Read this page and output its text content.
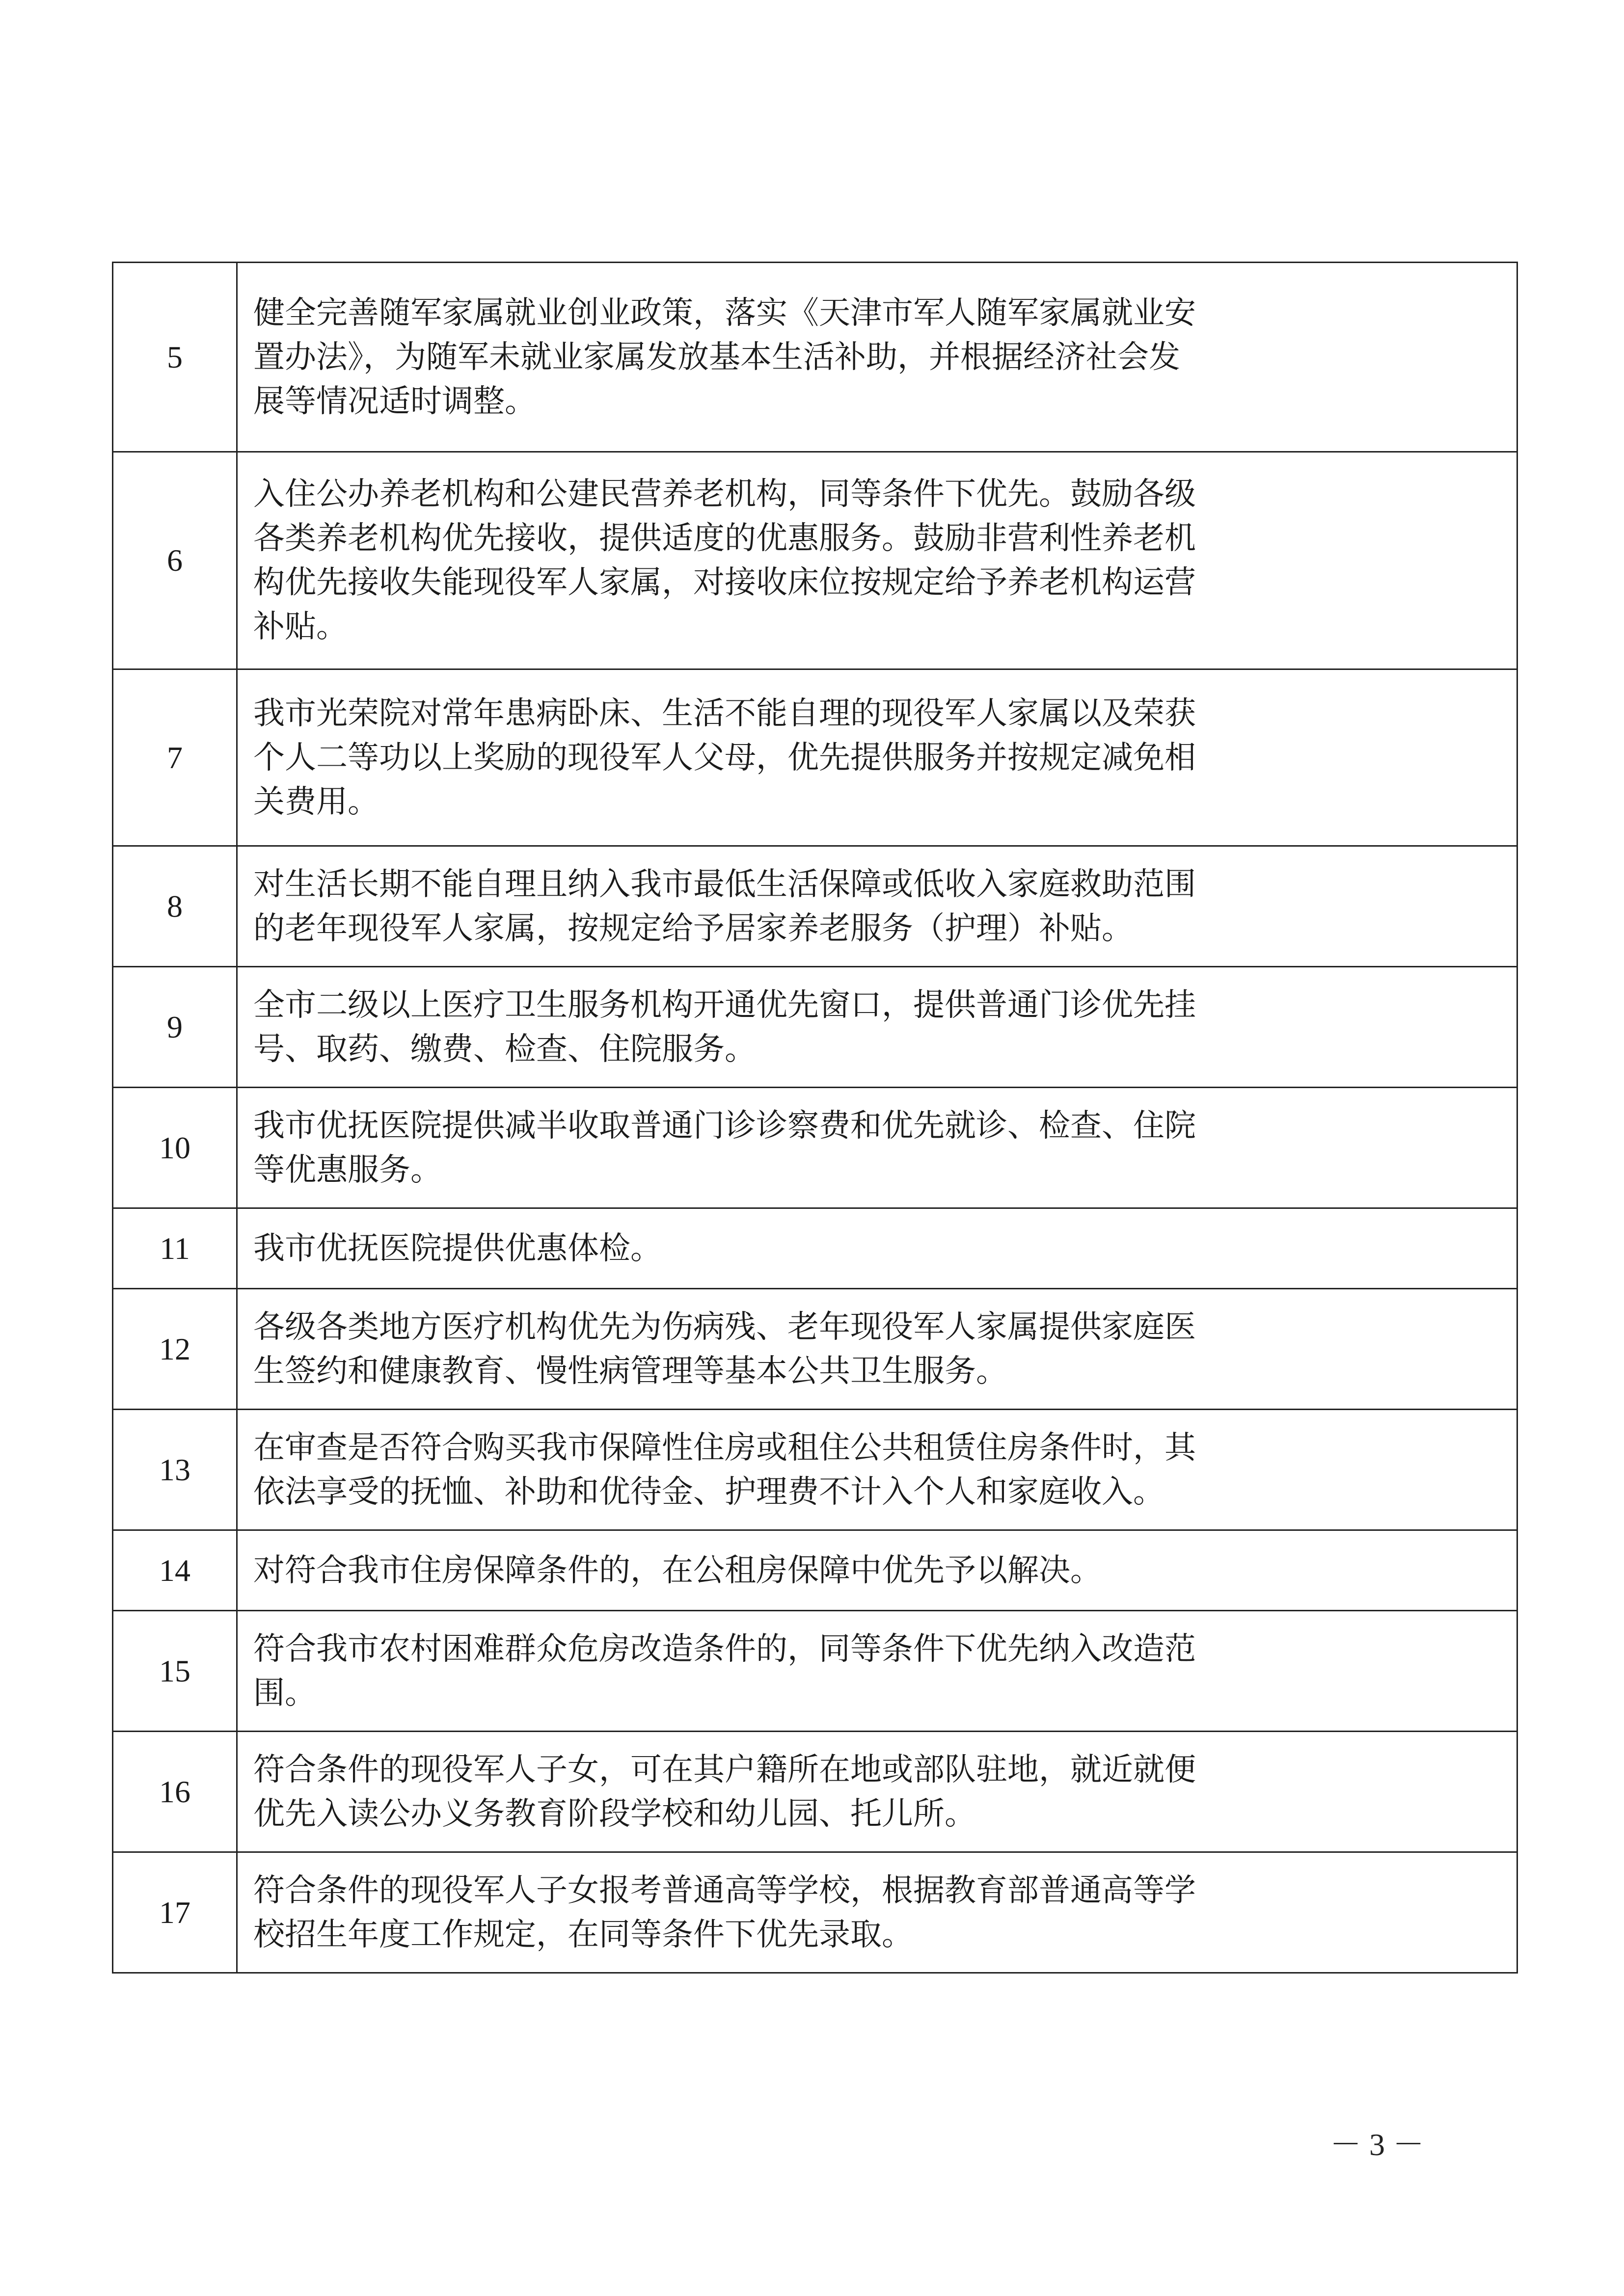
5	健全完善随军家属就业创业政策，落实《天津市军人随军家属就业安
置办法》，为随军未就业家属发放基本生活补助，并根据经济社会发
展等情况适时调整。

6	入住公办养老机构和公建民营养老机构，同等条件下优先。鼓励各级
各类养老机构优先接收，提供适度的优惠服务。鼓励非营利性养老机
构优先接收失能现役军人家属，对接收床位按规定给予养老机构运营
补贴。

7	我市光荣院对常年患病卧床、生活不能自理的现役军人家属以及荣获
个人二等功以上奖励的现役军人父母，优先提供服务并按规定减免相
关费用。

8	对生活长期不能自理且纳入我市最低生活保障或低收入家庭救助范围
的老年现役军人家属，按规定给予居家养老服务（护理）补贴。

9	全市二级以上医疗卫生服务机构开通优先窗口，提供普通门诊优先挂
号、取药、缴费、检查、住院服务。

10	我市优抚医院提供减半收取普通门诊诊察费和优先就诊、检查、住院
等优惠服务。

11	我市优抚医院提供优惠体检。

12	各级各类地方医疗机构优先为伤病残、老年现役军人家属提供家庭医
生签约和健康教育、慢性病管理等基本公共卫生服务。

13	在审查是否符合购买我市保障性住房或租住公共租赁住房条件时，其
依法享受的抚恤、补助和优待金、护理费不计入个人和家庭收入。

14	对符合我市住房保障条件的，在公租房保障中优先予以解决。

15	符合我市农村困难群众危房改造条件的，同等条件下优先纳入改造范
围。

16	符合条件的现役军人子女，可在其户籍所在地或部队驻地，就近就便
优先入读公办义务教育阶段学校和幼儿园、托儿所。

17	符合条件的现役军人子女报考普通高等学校，根据教育部普通高等学
校招生年度工作规定，在同等条件下优先录取。
－ 3 －
